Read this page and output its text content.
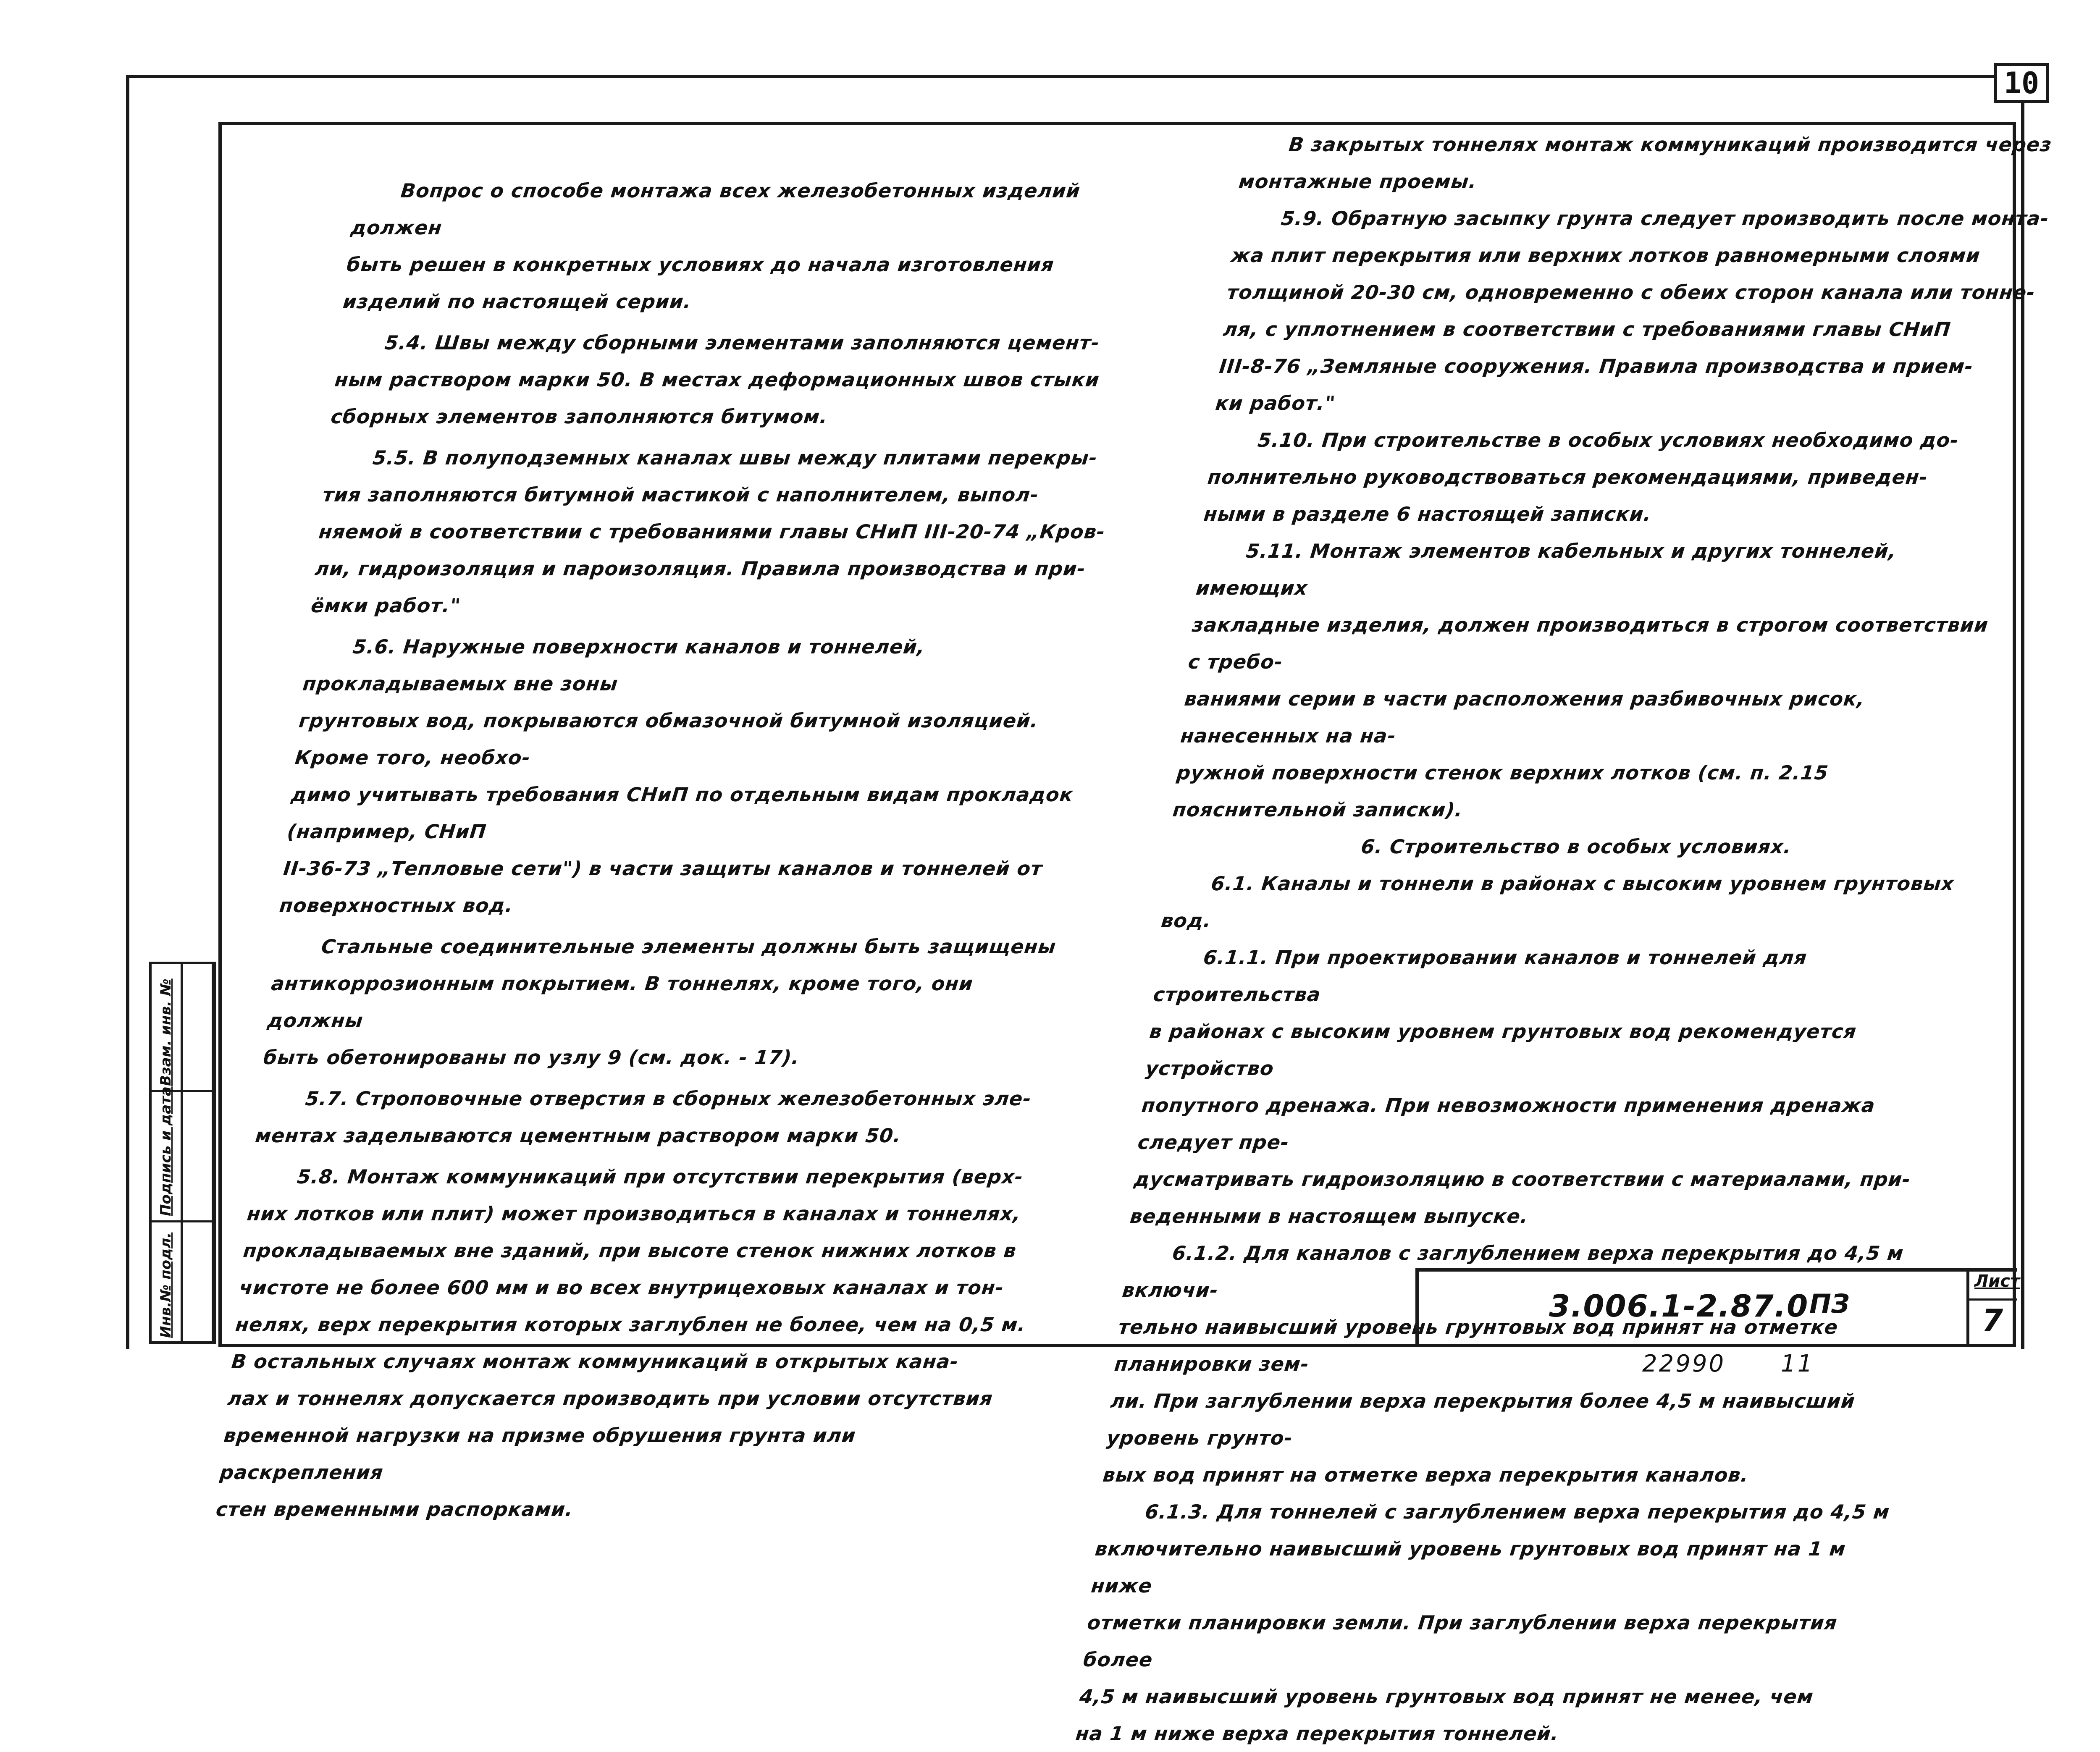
10

Вопрос о способе монтажа всех железобетонных изделий должен
быть решен в конкретных условиях до начала изготовления
изделий по настоящей серии.

5.4. Швы между сборными элементами заполняются цемент-
ным раствором марки 50. В местах деформационных швов стыки
сборных элементов заполняются битумом.

5.5. В полуподземных каналах швы между плитами перекры-
тия заполняются битумной мастикой с наполнителем, выпол-
няемой в соответствии с требованиями главы СНиП III-20-74 „Кров-
ли, гидроизоляция и пароизоляция. Правила производства и при-
ёмки работ."

5.6. Наружные поверхности каналов и тоннелей, прокладываемых вне зоны
грунтовых вод, покрываются обмазочной битумной изоляцией. Кроме того, необхо-
димо учитывать требования СНиП по отдельным видам прокладок (например, СНиП
II-36-73 „Тепловые сети") в части защиты каналов и тоннелей от поверхностных вод.

Стальные соединительные элементы должны быть защищены
антикоррозионным покрытием. В тоннелях, кроме того, они должны
быть обетонированы по узлу 9 (см. док. - 17).

5.7. Строповочные отверстия в сборных железобетонных эле-
ментах заделываются цементным раствором марки 50.

5.8. Монтаж коммуникаций при отсутствии перекрытия (верх-
них лотков или плит) может производиться в каналах и тоннелях,
прокладываемых вне зданий, при высоте стенок нижних лотков в
чистоте не более 600 мм и во всех внутрицеховых каналах и тон-
нелях, верх перекрытия которых заглублен не более, чем на 0,5 м.
В остальных случаях монтаж коммуникаций в открытых кана-
лах и тоннелях допускается производить при условии отсутствия
временной нагрузки на призме обрушения грунта или раскрепления
стен временными распорками.

В закрытых тоннелях монтаж коммуникаций производится через
монтажные проемы.

5.9. Обратную засыпку грунта следует производить после монта-
жа плит перекрытия или верхних лотков равномерными слоями
толщиной 20-30 см, одновременно с обеих сторон канала или тонне-
ля, с уплотнением в соответствии с требованиями главы СНиП
III-8-76 „Земляные сооружения. Правила производства и прием-
ки работ."

5.10. При строительстве в особых условиях необходимо до-
полнительно руководствоваться рекомендациями, приведен-
ными в разделе 6 настоящей записки.

5.11. Монтаж элементов кабельных и других тоннелей, имеющих
закладные изделия, должен производиться в строгом соответствии с требо-
ваниями серии в части расположения разбивочных рисок, нанесенных на на-
ружной поверхности стенок верхних лотков (см. п. 2.15 пояснительной записки).

6. Строительство в особых условиях.

6.1. Каналы и тоннели в районах с высоким уровнем грунтовых вод.

6.1.1. При проектировании каналов и тоннелей для строительства
в районах с высоким уровнем грунтовых вод рекомендуется устройство
попутного дренажа. При невозможности применения дренажа следует пре-
дусматривать гидроизоляцию в соответствии с материалами, при-
веденными в настоящем выпуске.

6.1.2. Для каналов с заглублением верха перекрытия до 4,5 м включи-
тельно наивысший уровень грунтовых вод принят на отметке планировки зем-
ли. При заглублении верха перекрытия более 4,5 м наивысший уровень грунто-
вых вод принят на отметке верха перекрытия каналов.

6.1.3. Для тоннелей с заглублением верха перекрытия до 4,5 м
включительно наивысший уровень грунтовых вод принят на 1 м ниже
отметки планировки земли. При заглублении верха перекрытия более
4,5 м наивысший уровень грунтовых вод принят не менее, чем
на 1 м ниже верха перекрытия тоннелей.

Инв.№ подл.
Подпись и дата
Взам. инв. №
3.006.1-2.87.0 ПЗ
Лист
7
22990 11
